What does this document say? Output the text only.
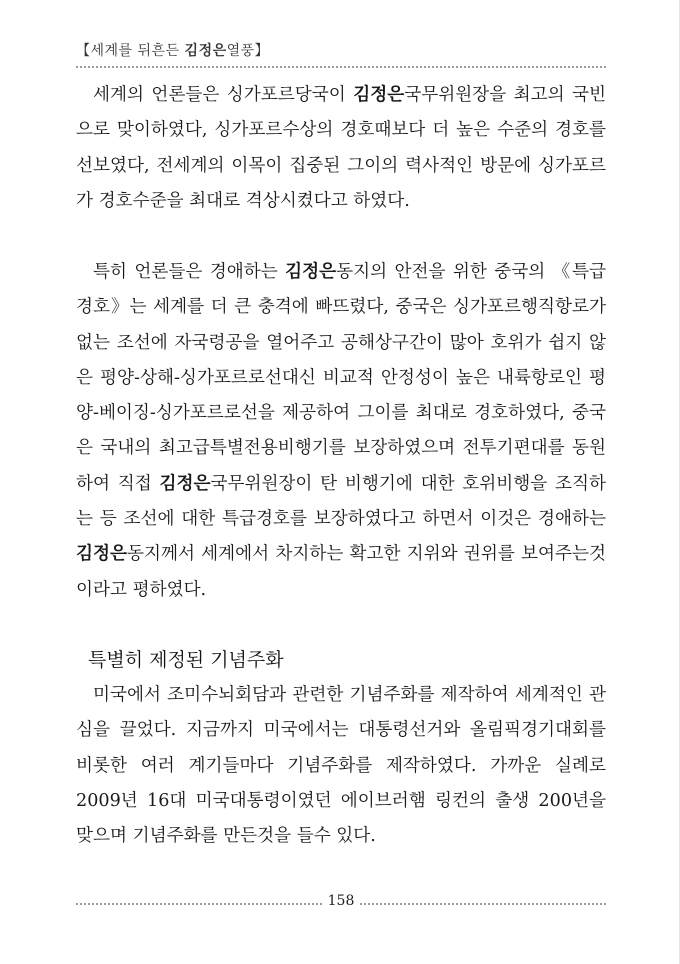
【세계를 뒤흔든 김정은열풍】

세계의 언론들은 싱가포르당국이 김정은국무위원장을 최고의 국빈으로 맞이하였다, 싱가포르수상의 경호때보다 더 높은 수준의 경호를 선보였다, 전세계의 이목이 집중된 그이의 력사적인 방문에 싱가포르가 경호수준을 최대로 격상시켰다고 하였다.

특히 언론들은 경애하는 김정은동지의 안전을 위한 중국의 《특급경호》는 세계를 더 큰 충격에 빠뜨렸다, 중국은 싱가포르행직항로가 없는 조선에 자국령공을 열어주고 공해상구간이 많아 호위가 쉽지 않은 평양-상해-싱가포르로선대신 비교적 안정성이 높은 내륙항로인 평양-베이징-싱가포르로선을 제공하여 그이를 최대로 경호하였다, 중국은 국내의 최고급특별전용비행기를 보장하였으며 전투기편대를 동원하여 직접 김정은국무위원장이 탄 비행기에 대한 호위비행을 조직하는 등 조선에 대한 특급경호를 보장하였다고 하면서 이것은 경애하는 김정은동지께서 세계에서 차지하는 확고한 지위와 권위를 보여주는것이라고 평하였다.

특별히 제정된 기념주화

미국에서 조미수뇌회담과 관련한 기념주화를 제작하여 세계적인 관심을 끌었다. 지금까지 미국에서는 대통령선거와 올림픽경기대회를 비롯한 여러 계기들마다 기념주화를 제작하였다. 가까운 실례로 2009년 16대 미국대통령이였던 에이브러햄 링컨의 출생 200년을 맞으며 기념주화를 만든것을 들수 있다.

158
